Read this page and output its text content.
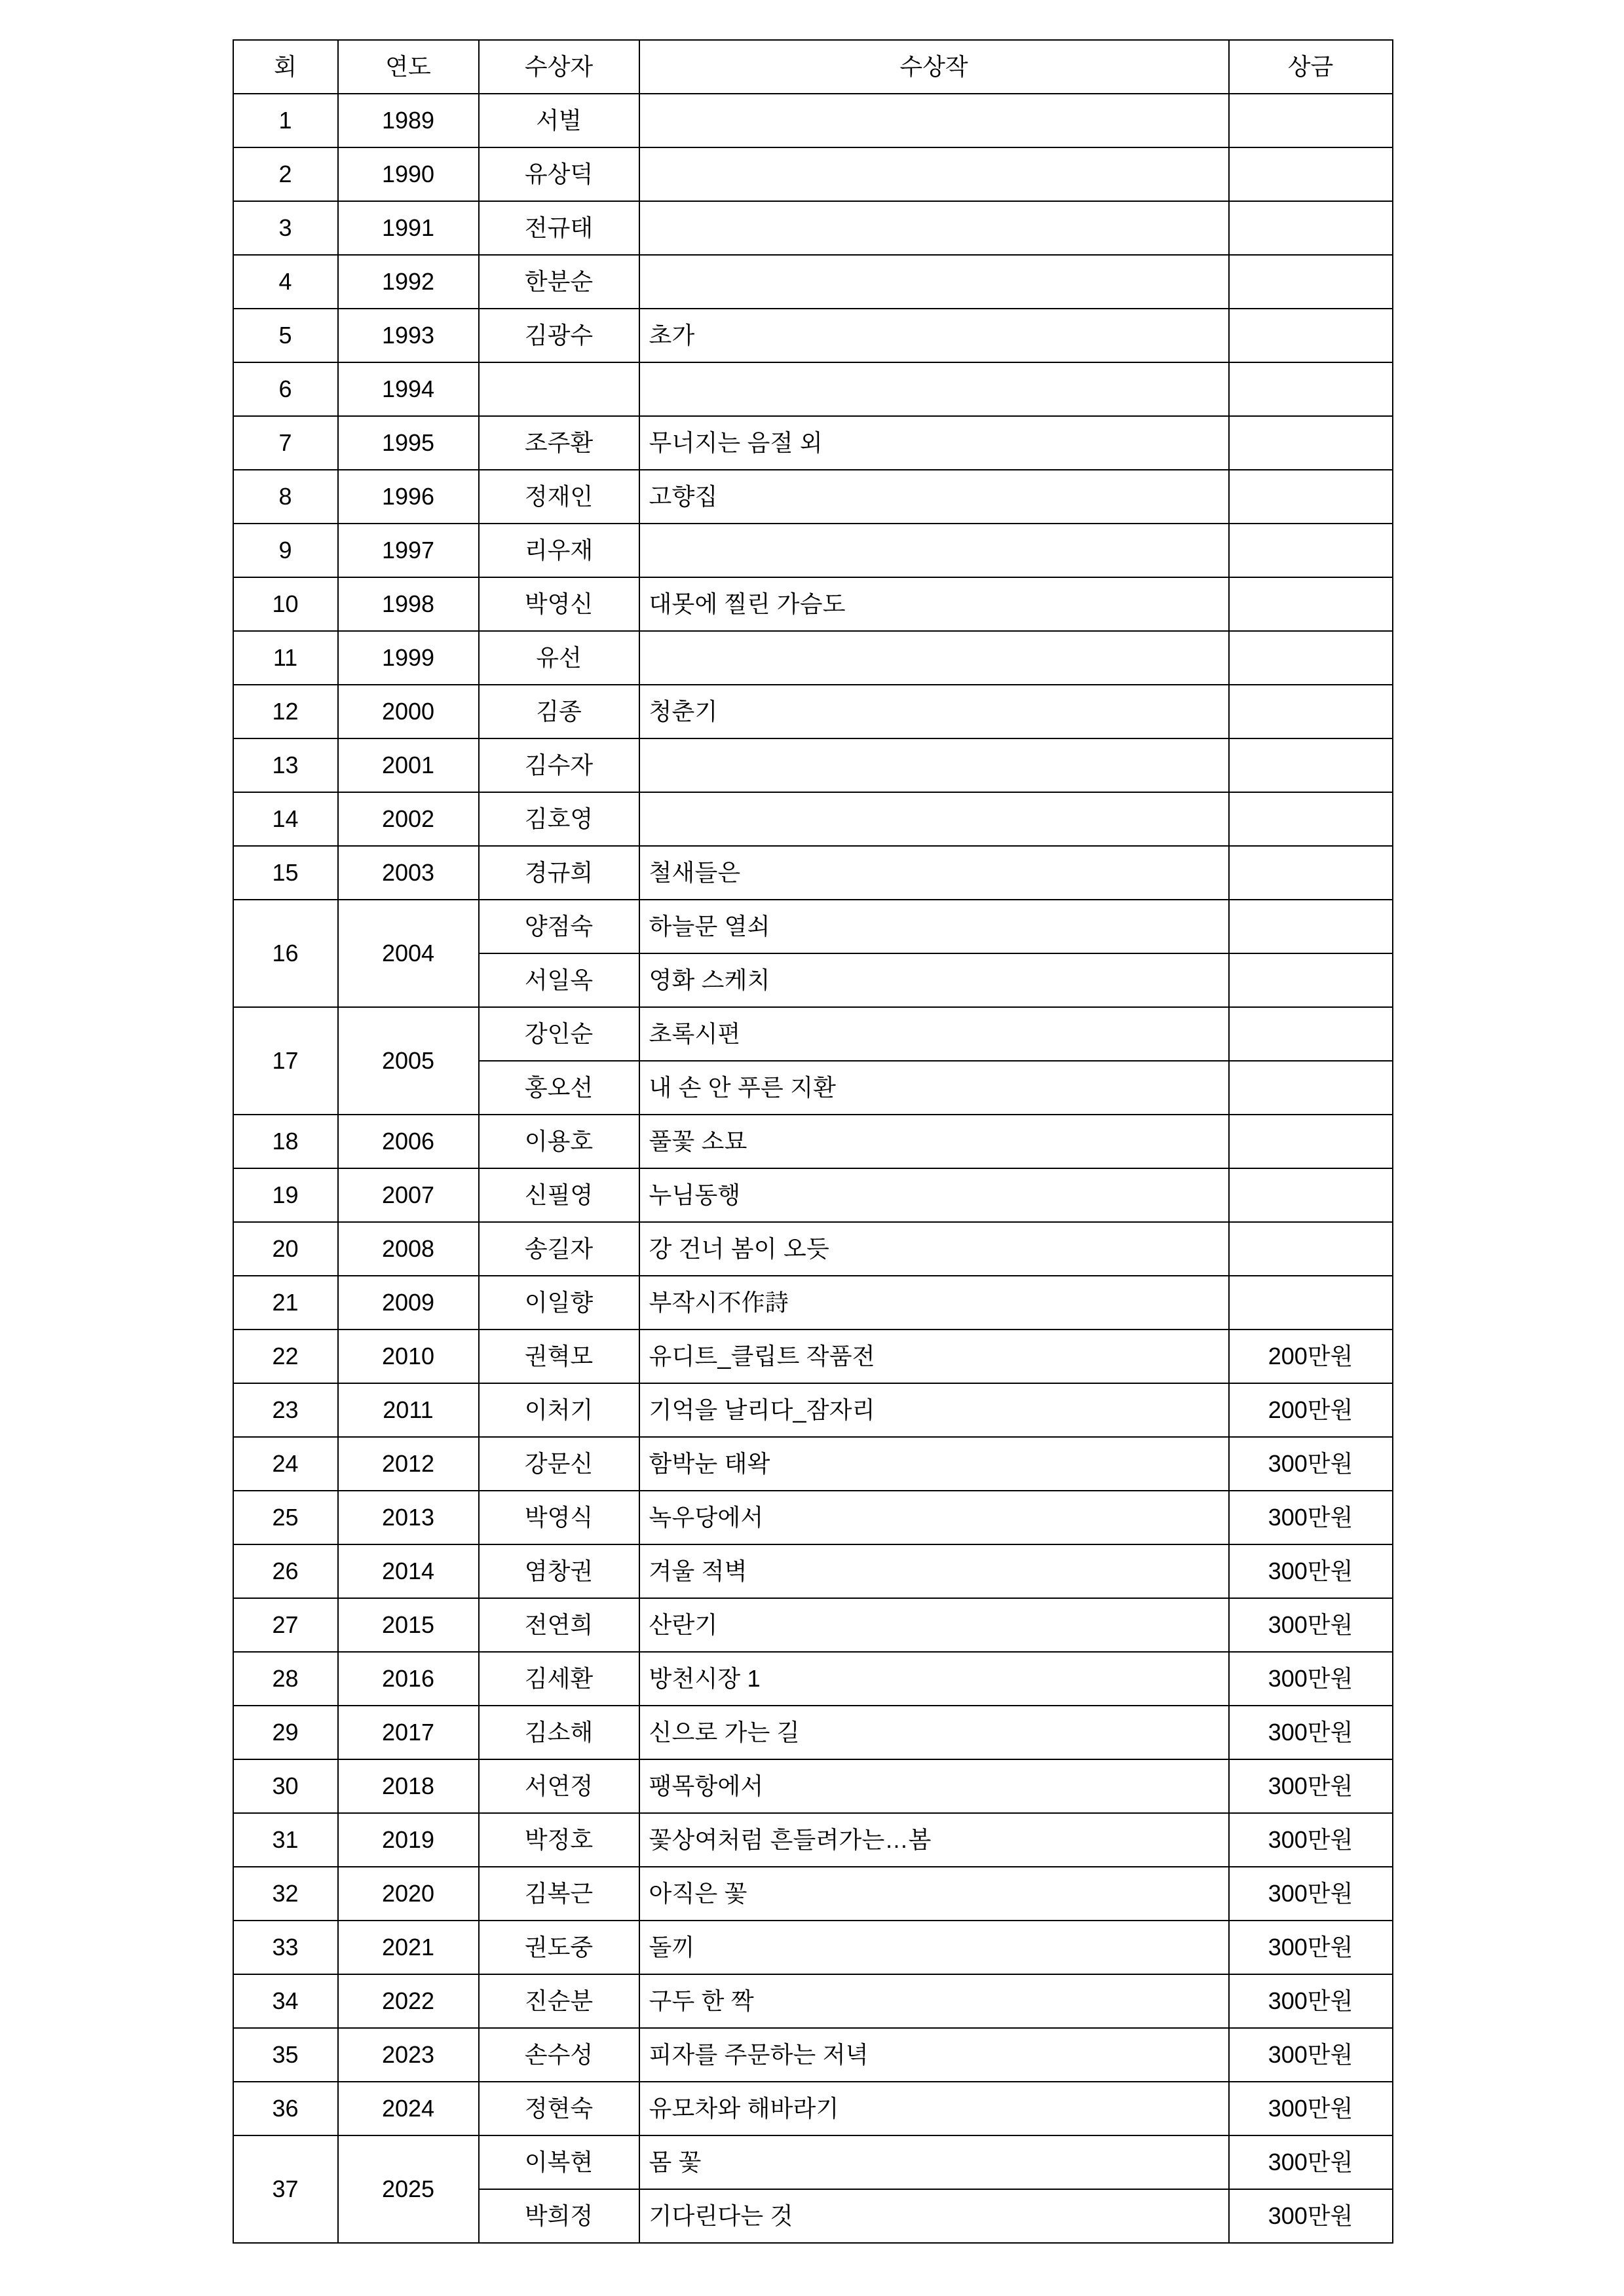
회	연도	수상자	수상작	상금
1	1989	서벌		
2	1990	유상덕		
3	1991	전규태		
4	1992	한분순		
5	1993	김광수	초가	
6	1994			
7	1995	조주환	무너지는 음절 외	
8	1996	정재인	고향집	
9	1997	리우재		
10	1998	박영신	대못에 찔린 가슴도	
11	1999	유선		
12	2000	김종	청춘기	
13	2001	김수자		
14	2002	김호영		
15	2003	경규희	철새들은	
16	2004	양점숙	하늘문 열쇠	
		서일옥	영화 스케치	
17	2005	강인순	초록시편	
		홍오선	내 손 안 푸른 지환	
18	2006	이용호	풀꽃 소묘	
19	2007	신필영	누님동행	
20	2008	송길자	강 건너 봄이 오듯	
21	2009	이일향	부작시不作詩	
22	2010	권혁모	유디트_클립트 작품전	200만원
23	2011	이처기	기억을 날리다_잠자리	200만원
24	2012	강문신	함박눈 태왁	300만원
25	2013	박영식	녹우당에서	300만원
26	2014	염창권	겨울 적벽	300만원
27	2015	전연희	산란기	300만원
28	2016	김세환	방천시장 1	300만원
29	2017	김소해	신으로 가는 길	300만원
30	2018	서연정	팽목항에서	300만원
31	2019	박정호	꽃상여처럼 흔들려가는…봄	300만원
32	2020	김복근	아직은 꽃	300만원
33	2021	권도중	돌끼	300만원
34	2022	진순분	구두 한 짝	300만원
35	2023	손수성	피자를 주문하는 저녁	300만원
36	2024	정현숙	유모차와 해바라기	300만원
37	2025	이복현	몸 꽃	300만원
		박희정	기다린다는 것	300만원
